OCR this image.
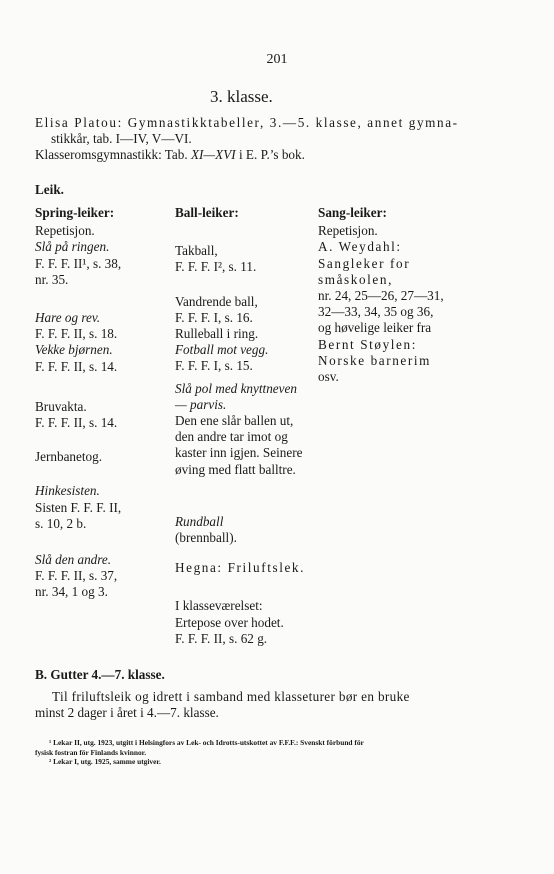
201
3. klasse.
Elisa Platou: Gymnastikktabeller, 3.—5. klasse, annet gymna-
stikkår, tab. I—IV, V—VI.
Klasseromsgymnastikk: Tab. XI—XVI i E. P.’s bok.
Leik.
Spring-leiker:
Repetisjon.
Slå på ringen.
F. F. F. II¹, s. 38,
nr. 35.
Hare og rev.
F. F. F. II, s. 18.
Vekke bjørnen.
F. F. F. II, s. 14.
Bruvakta.
F. F. F. II, s. 14.
Jernbanetog.
Hinkesisten.
Sisten F. F. F. II,
s. 10, 2 b.
Slå den andre.
F. F. F. II, s. 37,
nr. 34, 1 og 3.
Ball-leiker:
Takball,
F. F. F. I², s. 11.
Vandrende ball,
F. F. F. I, s. 16.
Rulleball i ring.
Fotball mot vegg.
F. F. F. I, s. 15.
Slå pol med knyttneven
— parvis.
Den ene slår ballen ut,
den andre tar imot og
kaster inn igjen. Seinere
øving med flatt balltre.
Rundball
(brennball).
Hegna: Friluftslek.
I klasseværelset:
Ertepose over hodet.
F. F. F. II, s. 62 g.
Sang-leiker:
Repetisjon.
A. Weydahl:
Sangleker for
småskolen,
nr. 24, 25—26, 27—31,
32—33, 34, 35 og 36,
og høvelige leiker fra
Bernt Støylen:
Norske barnerim
osv.
B. Gutter 4.—7. klasse.
Til friluftsleik og idrett i samband med klasseturer bør en bruke
minst 2 dager i året i 4.—7. klasse.
¹ Lekar II, utg. 1923, utgitt i Helsingfors av Lek- och Idrotts-utskottet av F.F.F.: Svenskt förbund för
fysisk fostran för Finlands kvinnor.
² Lekar I, utg. 1925, samme utgiver.
